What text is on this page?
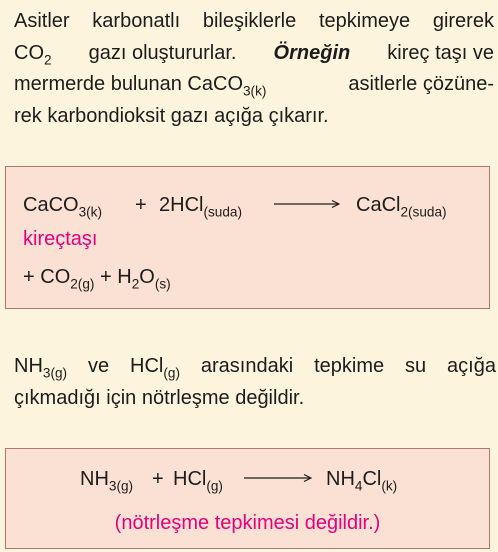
Asitler karbonatlı bileşiklerle tepkimeye girerek
$CO_2$ gazı oluştururlar. Örneğin kireç taşı ve
mermerde bulunan CaCO$_{3(k)}$	asitlerle çözüne-
rek karbondioksit gazı açığa çıkarır.
CaCO$_{3(k)}$ + 2HCl$_{(suda)}$	CaCl$_{2(suda)}$
kireçtaşı
+ $CO_{2(g)} + H_2O_{(s)}$
$NH_{3(g)}$ ve HCl$_{(g)}$ arasındaki tepkime su açığa
çıkmadığı için nötrleşme değildir.
$NH_{3(g)} + HCl_{(g)}$	$NH_4Cl_{(k)}$
(nötrleşme tepkimesi değildir.)
